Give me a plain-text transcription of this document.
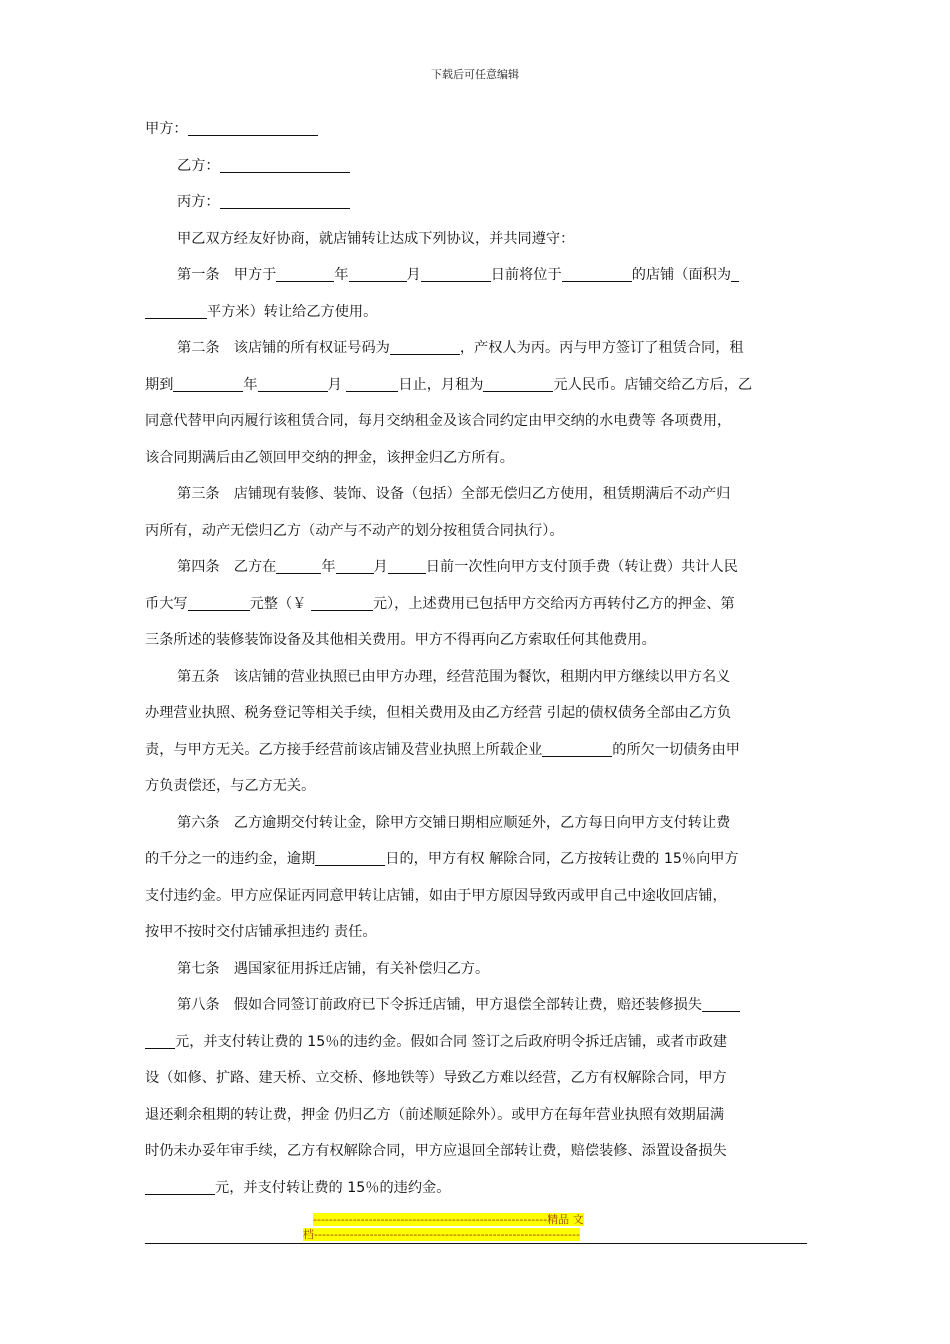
下载后可任意编辑
甲方：
乙方：
丙方：
甲乙双方经友好协商，就店铺转让达成下列协议，并共同遵守：
第一条　甲方于	年	月	日前将位于	的店铺（面积为
平方米）转让给乙方使用。
第二条　该店铺的所有权证号码为	，产权人为丙。丙与甲方签订了租赁合同，租
期到	年	月	日止，月租为	元人民币。店铺交给乙方后，乙
同意代替甲向丙履行该租赁合同，每月交纳租金及该合同约定由甲交纳的水电费等 各项费用，
该合同期满后由乙领回甲交纳的押金，该押金归乙方所有。
第三条　店铺现有装修、装饰、设备（包括）全部无偿归乙方使用，租赁期满后不动产归
丙所有，动产无偿归乙方（动产与不动产的划分按租赁合同执行）。
第四条　乙方在	年	月	日前一次性向甲方支付顶手费（转让费）共计人民
币大写	元整（￥	元），上述费用已包括甲方交给丙方再转付乙方的押金、第
三条所述的装修装饰设备及其他相关费用。甲方不得再向乙方索取任何其他费用。
第五条　该店铺的营业执照已由甲方办理，经营范围为餐饮，租期内甲方继续以甲方名义
办理营业执照、税务登记等相关手续，但相关费用及由乙方经营 引起的债权债务全部由乙方负
责，与甲方无关。乙方接手经营前该店铺及营业执照上所载企业	的所欠一切债务由甲
方负责偿还，与乙方无关。
第六条　乙方逾期交付转让金，除甲方交铺日期相应顺延外，乙方每日向甲方支付转让费
的千分之一的违约金，逾期	日的，甲方有权 解除合同，乙方按转让费的 15％向甲方
支付违约金。甲方应保证丙同意甲转让店铺，如由于甲方原因导致丙或甲自己中途收回店铺，
按甲不按时交付店铺承担违约 责任。
第七条　遇国家征用拆迁店铺，有关补偿归乙方。
第八条　假如合同签订前政府已下令拆迁店铺，甲方退偿全部转让费，赔还装修损失
元，并支付转让费的 15％的违约金。假如合同 签订之后政府明令拆迁店铺，或者市政建
设（如修、扩路、建天桥、立交桥、修地铁等）导致乙方难以经营，乙方有权解除合同，甲方
退还剩余租期的转让费，押金 仍归乙方（前述顺延除外）。或甲方在每年营业执照有效期届满
时仍未办妥年审手续，乙方有权解除合同，甲方应退回全部转让费，赔偿装修、添置设备损失
元，并支付转让费的 15％的违约金。
-----------------------------------------------------------精品 文
档-------------------------------------------------------------------
